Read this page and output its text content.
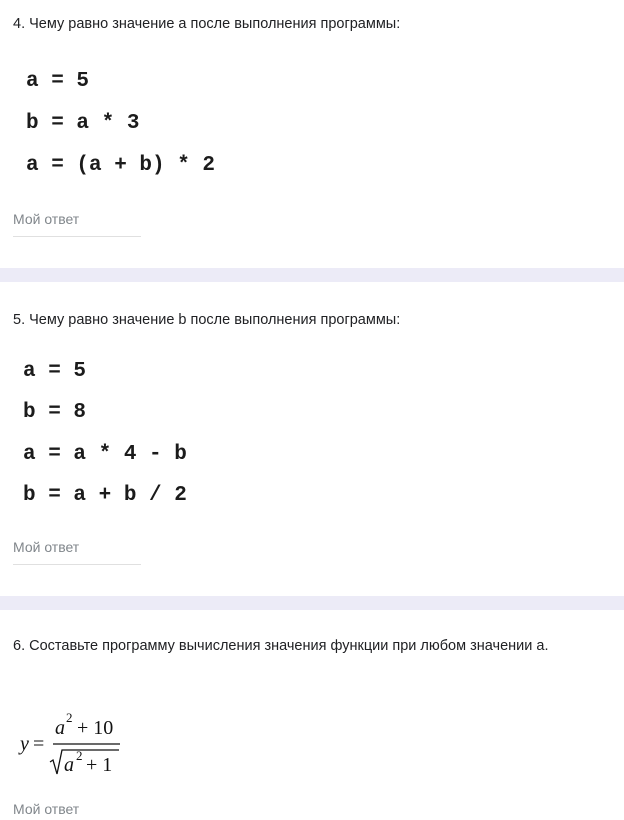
4. Чему равно значение a после выполнения программы:
a = 5
b = a * 3
a = (a + b) * 2
Мой ответ
5. Чему равно значение b после выполнения программы:
a = 5
b = 8
a = a * 4 - b
b = a + b / 2
Мой ответ
6. Составьте программу вычисления значения функции при любом значении a.
y =
a 2 + 10
a 2 + 1
Мой ответ
